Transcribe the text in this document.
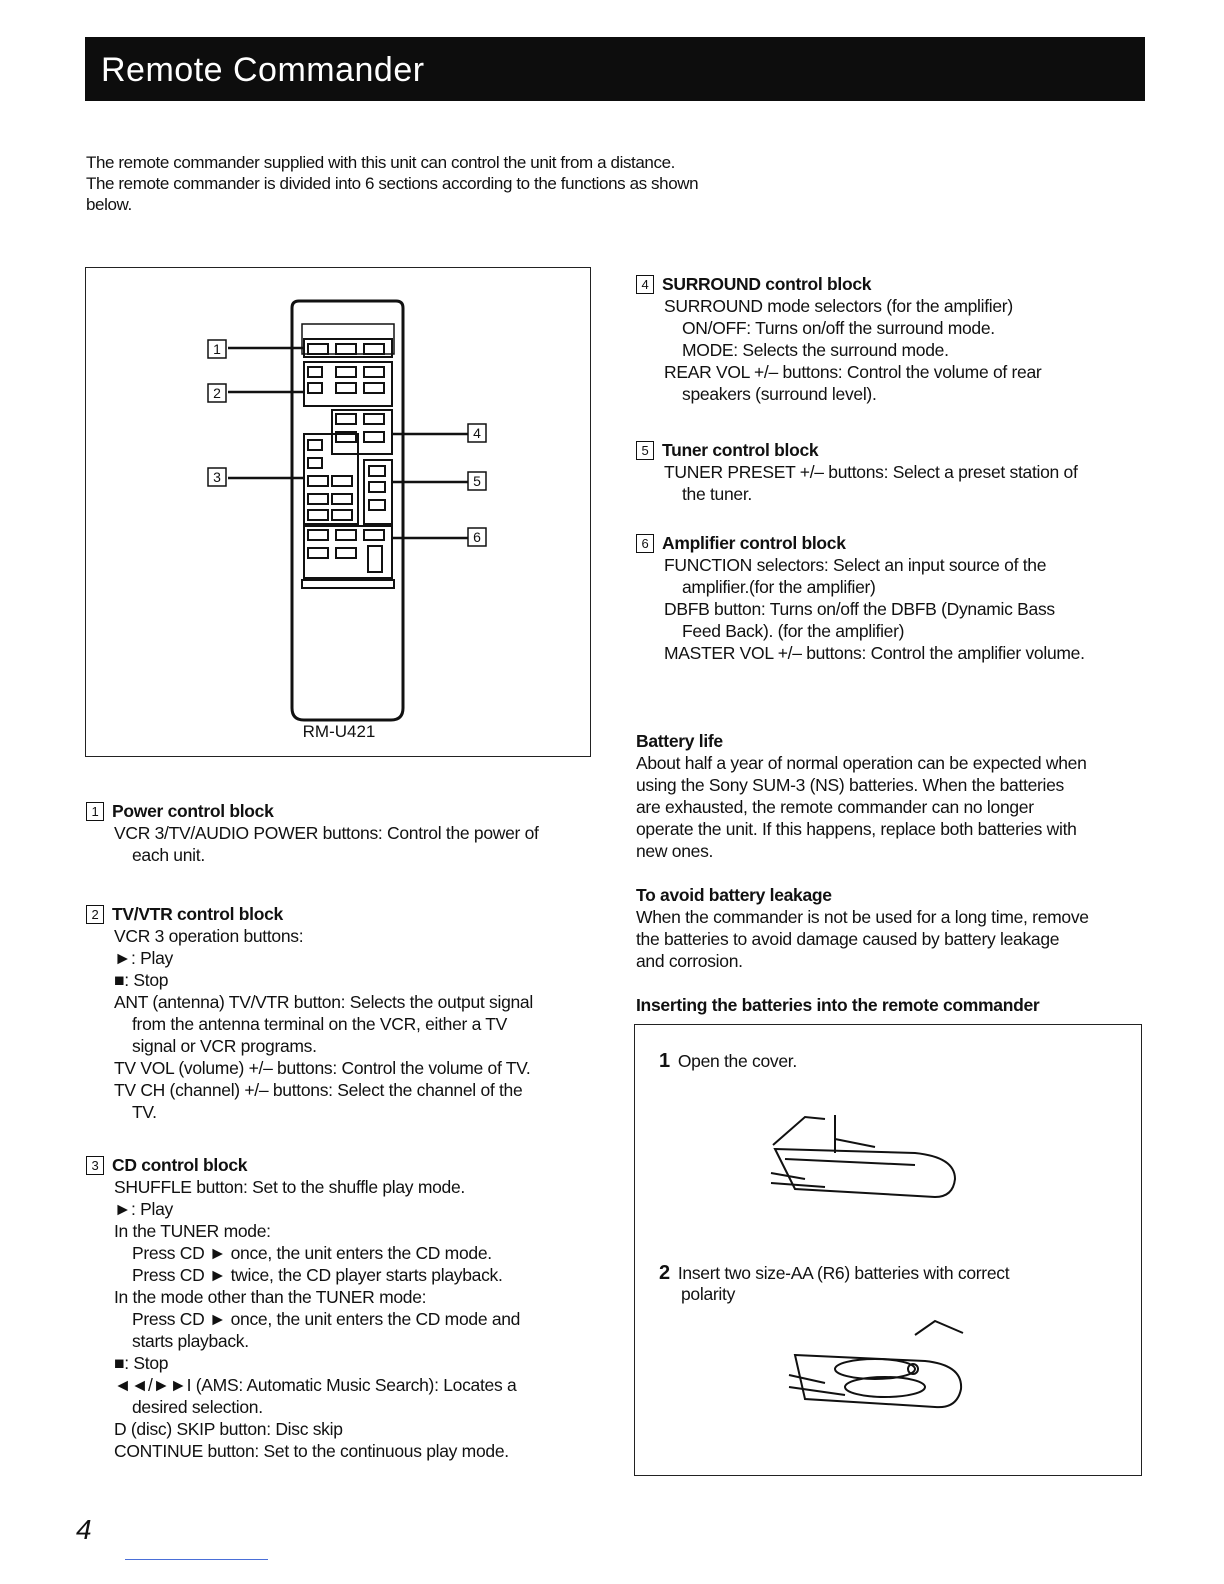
Remote Commander

The remote commander supplied with this unit can control the unit from a distance.

The remote commander is divided into 6 sections according to the functions as shown

below.

1
2
3
4
5
6
RM-U421
1 Power control block
VCR 3/TV/AUDIO POWER buttons: Control the power of
each unit.
2 TV/VTR control block
VCR 3 operation buttons:
►: Play
■: Stop
ANT (antenna) TV/VTR button: Selects the output signal
from the antenna terminal on the VCR, either a TV
signal or VCR programs.
TV VOL (volume) +/– buttons: Control the volume of TV.
TV CH (channel) +/– buttons: Select the channel of the
TV.
3 CD control block
SHUFFLE button: Set to the shuffle play mode.
►: Play
In the TUNER mode:
Press CD ► once, the unit enters the CD mode.
Press CD ► twice, the CD player starts playback.
In the mode other than the TUNER mode:
Press CD ► once, the unit enters the CD mode and
starts playback.
■: Stop
◄◄/►►I (AMS: Automatic Music Search): Locates a
desired selection.
D (disc) SKIP button: Disc skip
CONTINUE button: Set to the continuous play mode.
4 SURROUND control block
SURROUND mode selectors (for the amplifier)
ON/OFF: Turns on/off the surround mode.
MODE: Selects the surround mode.
REAR VOL +/– buttons: Control the volume of rear
speakers (surround level).
5 Tuner control block
TUNER PRESET +/– buttons: Select a preset station of
the tuner.
6 Amplifier control block
FUNCTION selectors: Select an input source of the
amplifier.(for the amplifier)
DBFB button: Turns on/off the DBFB (Dynamic Bass
Feed Back). (for the amplifier)
MASTER VOL +/– buttons: Control the amplifier volume.
Battery life
About half a year of normal operation can be expected when
using the Sony SUM-3 (NS) batteries. When the batteries
are exhausted, the remote commander can no longer
operate the unit. If this happens, replace both batteries with
new ones.
To avoid battery leakage
When the commander is not be used for a long time, remove
the batteries to avoid damage caused by battery leakage
and corrosion.
Inserting the batteries into the remote commander
1 Open the cover.
2 Insert two size-AA (R6) batteries with correct
polarity
4
